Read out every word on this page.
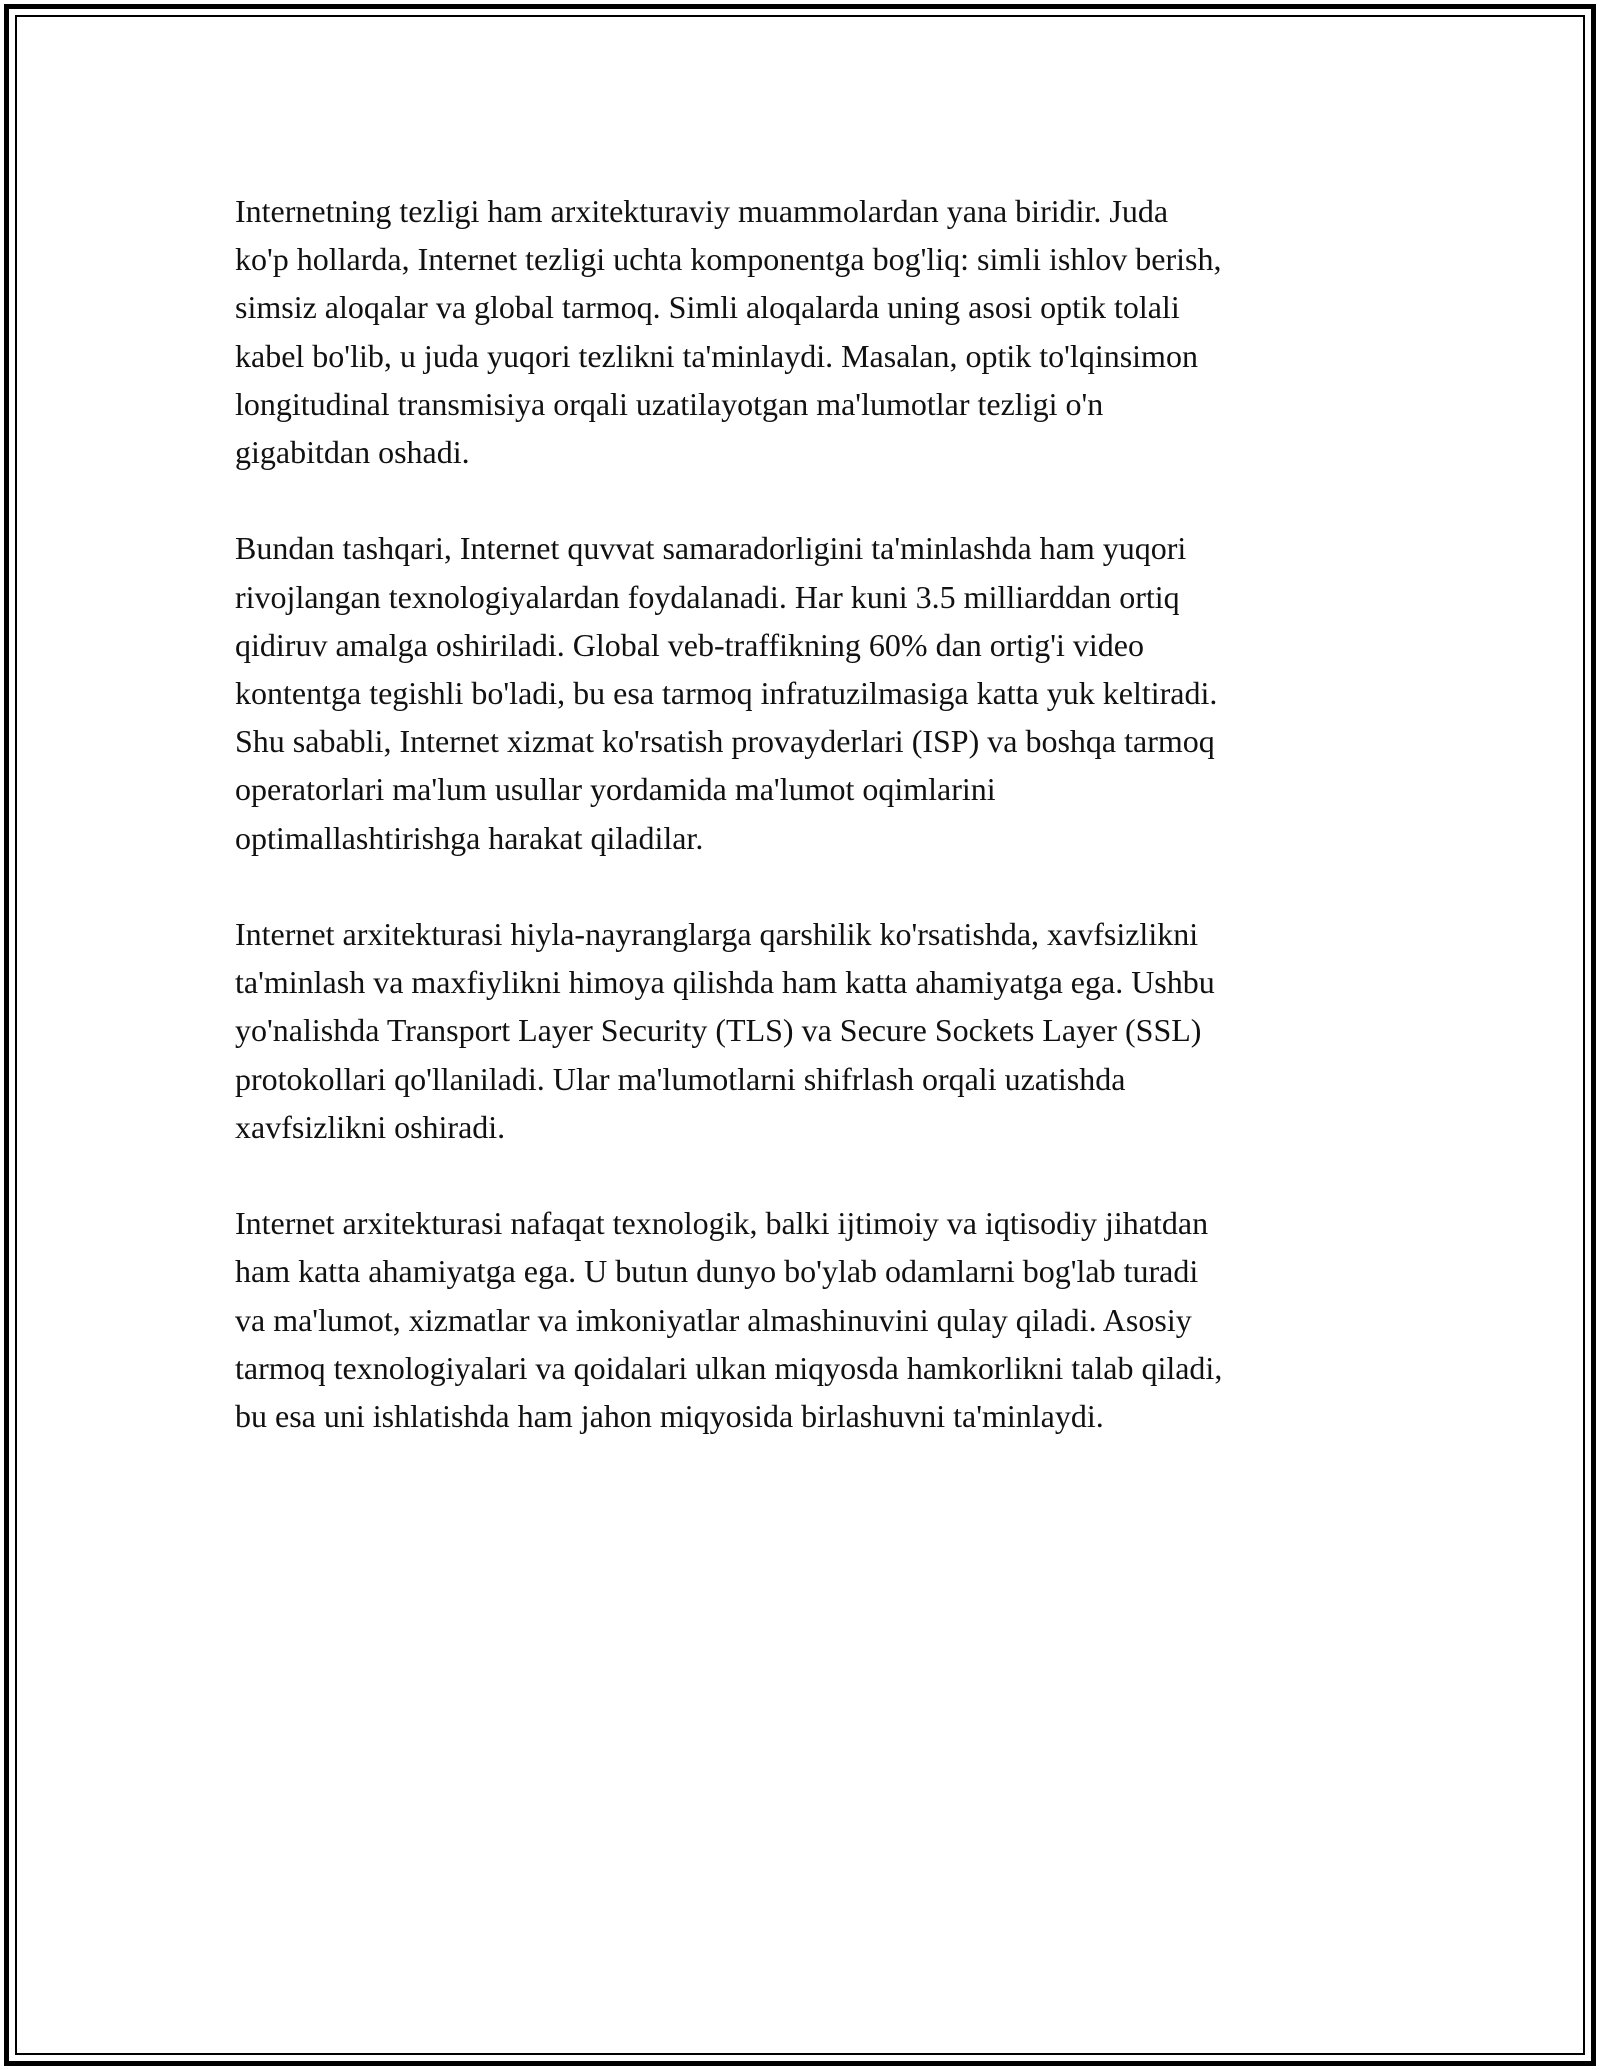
Internetning tezligi ham arxitekturaviy muammolardan yana biridir. Juda
ko'p hollarda, Internet tezligi uchta komponentga bog'liq: simli ishlov berish,
simsiz aloqalar va global tarmoq. Simli aloqalarda uning asosi optik tolali
kabel bo'lib, u juda yuqori tezlikni ta'minlaydi. Masalan, optik to'lqinsimon
longitudinal transmisiya orqali uzatilayotgan ma'lumotlar tezligi o'n
gigabitdan oshadi.

Bundan tashqari, Internet quvvat samaradorligini ta'minlashda ham yuqori
rivojlangan texnologiyalardan foydalanadi. Har kuni 3.5 milliarddan ortiq
qidiruv amalga oshiriladi. Global veb-traffikning 60% dan ortig'i video
kontentga tegishli bo'ladi, bu esa tarmoq infratuzilmasiga katta yuk keltiradi.
Shu sababli, Internet xizmat ko'rsatish provayderlari (ISP) va boshqa tarmoq
operatorlari ma'lum usullar yordamida ma'lumot oqimlarini
optimallashtirishga harakat qiladilar.

Internet arxitekturasi hiyla-nayranglarga qarshilik ko'rsatishda, xavfsizlikni
ta'minlash va maxfiylikni himoya qilishda ham katta ahamiyatga ega. Ushbu
yo'nalishda Transport Layer Security (TLS) va Secure Sockets Layer (SSL)
protokollari qo'llaniladi. Ular ma'lumotlarni shifrlash orqali uzatishda
xavfsizlikni oshiradi.

Internet arxitekturasi nafaqat texnologik, balki ijtimoiy va iqtisodiy jihatdan
ham katta ahamiyatga ega. U butun dunyo bo'ylab odamlarni bog'lab turadi
va ma'lumot, xizmatlar va imkoniyatlar almashinuvini qulay qiladi. Asosiy
tarmoq texnologiyalari va qoidalari ulkan miqyosda hamkorlikni talab qiladi,
bu esa uni ishlatishda ham jahon miqyosida birlashuvni ta'minlaydi.
